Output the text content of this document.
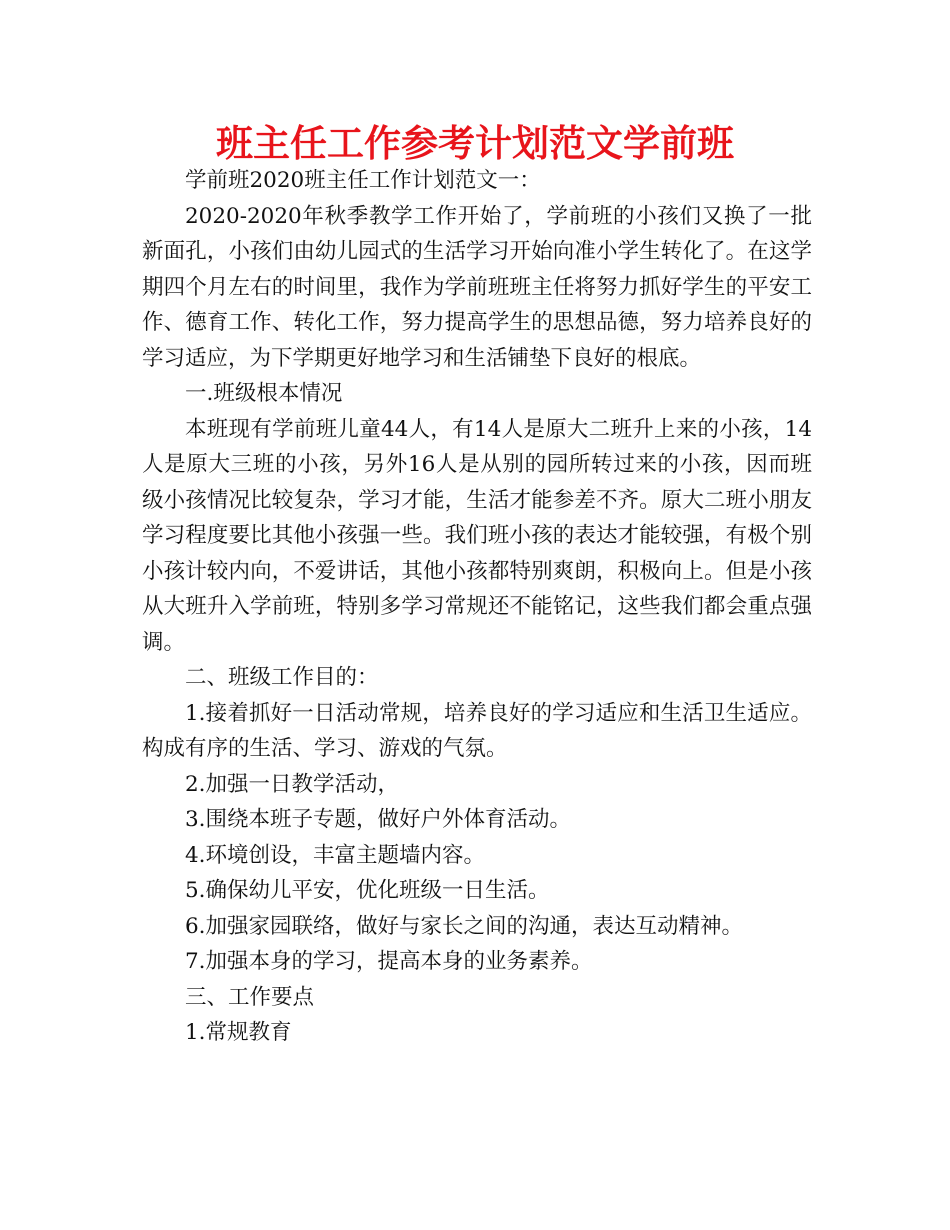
班主任工作参考计划范文学前班

学前班2020班主任工作计划范文一：

2020-2020年秋季教学工作开始了，学前班的小孩们又换了一批新面孔，小孩们由幼儿园式的生活学习开始向准小学生转化了。在这学期四个月左右的时间里，我作为学前班班主任将努力抓好学生的平安工作、德育工作、转化工作，努力提高学生的思想品德，努力培养良好的学习适应，为下学期更好地学习和生活铺垫下良好的根底。

一.班级根本情况

本班现有学前班儿童44人，有14人是原大二班升上来的小孩，14人是原大三班的小孩，另外16人是从别的园所转过来的小孩，因而班级小孩情况比较复杂，学习才能，生活才能参差不齐。原大二班小朋友学习程度要比其他小孩强一些。我们班小孩的表达才能较强，有极个别小孩计较内向，不爱讲话，其他小孩都特别爽朗，积极向上。但是小孩从大班升入学前班，特别多学习常规还不能铭记，这些我们都会重点强调。

二、班级工作目的：

1.接着抓好一日活动常规，培养良好的学习适应和生活卫生适应。构成有序的生活、学习、游戏的气氛。

2.加强一日教学活动，

3.围绕本班子专题，做好户外体育活动。

4.环境创设，丰富主题墙内容。

5.确保幼儿平安，优化班级一日生活。

6.加强家园联络，做好与家长之间的沟通，表达互动精神。

7.加强本身的学习，提高本身的业务素养。

三、工作要点

1.常规教育
